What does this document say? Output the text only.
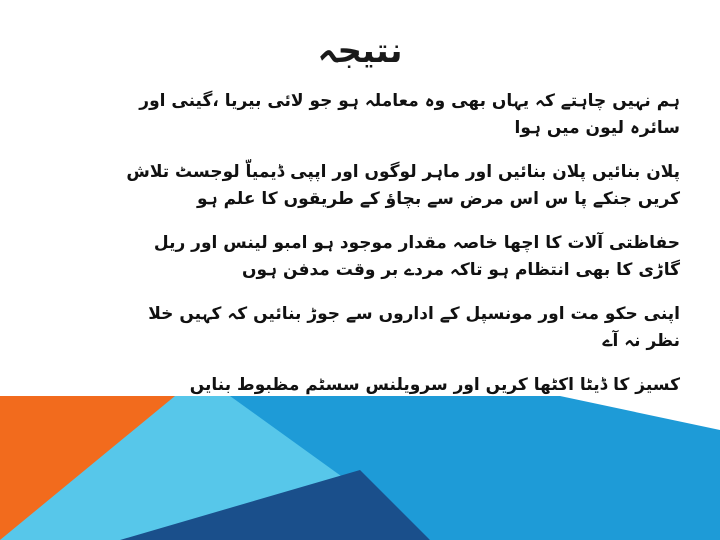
نتیجہ
ہم نہیں چاہتے کہ یہاں بھی وہ معاملہ ہو جو لائی بیریا ،گینی اور
سائرہ لیون میں ہوا
پلان بنائیں پلان بنائیں اور ماہر لوگوں اور اپپی ڈیمیاّ لوجسٹ تلاش
کریں جنکے پا س اس مرض سے بچاؤ کے طریقوں کا علم ہو
حفاظتی آلات کا اچھا خاصہ مقدار موجود ہو امبو لینس اور ریل
گاڑی کا بھی انتظام ہو تاکہ مردے بر وقت مدفن ہوں
اپنی حکو مت اور مونسپل کے اداروں سے جوڑ بنائیں کہ کہیں خلا
نظر نہ آے
کسیز کا ڈیٹا اکٹھا کریں اور سرویلنس سسٹم مظبوط بنایں
